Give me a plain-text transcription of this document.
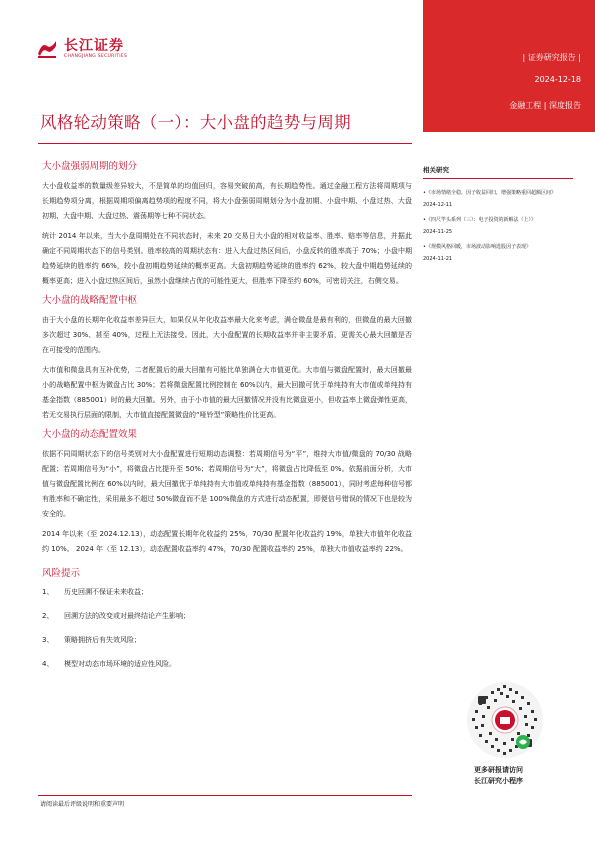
长江证券
CHANGJIANG SECURITIES	| 证券研究报告 |
2024-12-18
金融工程 | 深度报告
风格轮动策略（一）：大小盘的趋势与周期
大小盘强弱周期的划分

大小盘收益率的数量级差异较大，不是简单的均值回归，容易突破前高，有长期趋势性。通过金融工程方法将周期项与长期趋势项分离，根据周期项偏离趋势项的程度不同，将大小盘强弱周期划分为小盘初期、小盘中期、小盘过热、大盘初期、大盘中期、大盘过热、震荡期等七种不同状态。

统计 2014 年以来，当大小盘周期处在不同状态时，未来 20 交易日大小盘的相对收益率、胜率、赔率等信息，并据此确定不同周期状态下的信号类别。胜率较高的周期状态有：进入大盘过热区间后，小盘反转的胜率高于 70%；小盘中期趋势延续的胜率约 66%，较小盘初期趋势延续的概率更高。大盘初期趋势延续的胜率约 62%，较大盘中期趋势延续的概率更高；进入小盘过热区间后，虽然小盘继续占优的可能性更大，但胜率下降至约 60%，可密切关注，右侧交易。

大小盘的战略配置中枢

由于大小盘的长期年化收益率差异巨大，如果仅从年化收益率最大化来考虑，满仓微盘是最有利的，但微盘的最大回撤多次超过 30%、甚至 40%，过程上无法接受。因此，大小盘配置的长期收益率并非主要矛盾，更需关心最大回撤是否在可接受的范围内。

大市值和微盘具有互补优势，二者配置后的最大回撤有可能比单独满仓大市值更优。大市值与微盘配置时，最大回撤最小的战略配置中枢为微盘占比 30%；若将微盘配置比例控制在 60%以内，最大回撤可优于单纯持有大市值或单纯持有基金指数（885001）时的最大回撤。另外，由于小市值的最大回撤情况并没有比微盘更小，但收益率上微盘弹性更高，若无交易执行层面的限制，大市值直接配置微盘的“哑铃型”策略性价比更高。

大小盘的动态配置效果

依据不同周期状态下的信号类别对大小盘配置进行短期动态调整：若周期信号为“平”，维持大市值/微盘的 70/30 战略配置；若周期信号为“小”，将微盘占比提升至 50%；若周期信号为“大”，将微盘占比降低至 0%。依据前面分析，大市值与微盘配置比例在 60%以内时，最大回撤优于单纯持有大市值或单纯持有基金指数（885001），同时考虑每种信号都有胜率和不确定性，采用最多不超过 50%微盘而不是 100%微盘的方式进行动态配置，即便信号错误的情况下也是较为安全的。

2014 年以来（至 2024.12.13），动态配置长期年化收益约 25%，70/30 配置年化收益约 19%，单独大市值年化收益约 10%。 2024 年（至 12.13），动态配置收益率约 47%，70/30 配置收益率约 25%，单独大市值收益率约 22%。

风险提示
1、	历史回溯不保证未来收益；
2、	回溯方法的改变或对最终结论产生影响；
3、	策略拥挤后有失效风险；
4、	模型对动态市场环境的适应性风险。
请阅读最后评级说明和重要声明
相关研究
•《市场情绪全稳，因子收益回归，增强策略重回超额区间》
2024-12-11
•《四尺竿头系列（三）：电子投资的新解法（上）》
2024-11-25
•《规模风格回暖，市场波动影响选股因子表现》
2024-11-21
更多研报请访问
长江研究小程序
